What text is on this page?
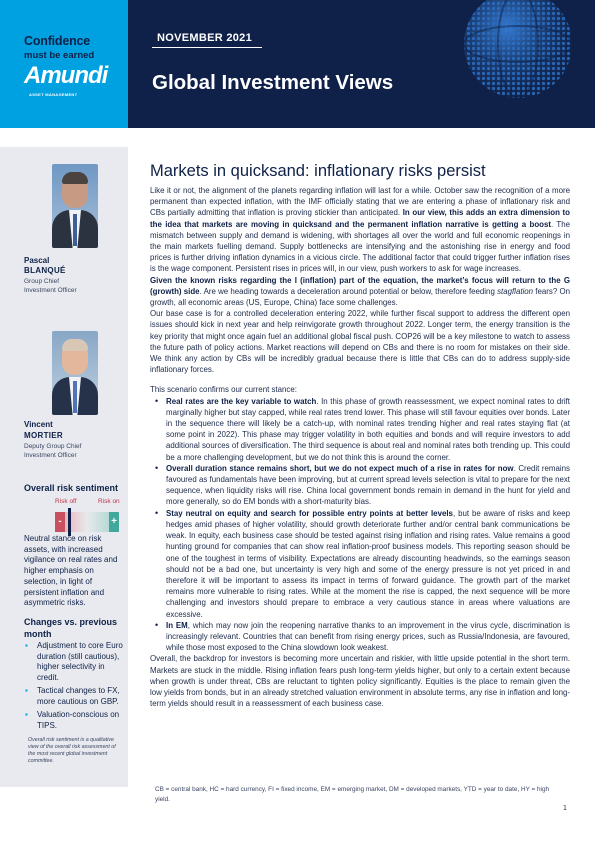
Confidence
must be earned
Amundi
ASSET MANAGEMENT
NOVEMBER 2021
Global Investment Views
Pascal
BLANQUÉ
Group Chief
Investment Officer
Vincent
MORTIER
Deputy Group Chief
Investment Officer
Overall risk sentiment
Risk off	Risk on
-	+
Neutral stance on risk assets, with increased vigilance on real rates and higher emphasis on selection, in light of persistent inflation and asymmetric risks.
Changes vs. previous month
▪ Adjustment to core Euro duration (still cautious), higher selectivity in credit.
▪ Tactical changes to FX, more cautious on GBP.
▪ Valuation-conscious on TIPS.
Overall risk sentiment is a qualitative view of the overall risk assessment of the most recent global investment committee.
Markets in quicksand: inflationary risks persist

Like it or not, the alignment of the planets regarding inflation will last for a while. October saw the recognition of a more permanent than expected inflation, with the IMF officially stating that we are entering a phase of inflationary risk and CBs partially admitting that inflation is proving stickier than anticipated. In our view, this adds an extra dimension to the idea that markets are moving in quicksand and the permanent inflation narrative is getting a boost. The mismatch between supply and demand is widening, with shortages all over the world and full economic reopenings in the main markets fuelling demand. Supply bottlenecks are intensifying and the astonishing rise in energy and food prices is further driving inflation dynamics in a vicious circle. The additional factor that could trigger further inflation rises is the wage component. Persistent rises in prices will, in our view, push workers to ask for wage increases.

Given the known risks regarding the I (inflation) part of the equation, the market’s focus will return to the G (growth) side. Are we heading towards a deceleration around potential or below, therefore feeding stagflation fears? On growth, all economic areas (US, Europe, China) face some challenges.

Our base case is for a controlled deceleration entering 2022, while further fiscal support to address the different open issues should kick in next year and help reinvigorate growth throughout 2022. Longer term, the energy transition is the key priority that might once again fuel an additional global fiscal push. COP26 will be a key milestone to watch to assess the future path of policy actions. Market reactions will depend on CBs and there is no room for mistakes on their side. We think any action by CBs will be incredibly gradual because there is little that CBs can do to address supply-side inflationary forces.

This scenario confirms our current stance:

• Real rates are the key variable to watch. In this phase of growth reassessment, we expect nominal rates to drift marginally higher but stay capped, while real rates trend lower. This phase will still favour equities over bonds. Later in the sequence there will likely be a catch-up, with nominal rates trending higher and real rates staying flat (at some point in 2022). This phase may trigger volatility in both equities and bonds and will require investors to add additional sources of diversification. The third sequence is about real and nominal rates both trending up. This could be a more challenging development, but we do not think this is around the corner.
• Overall duration stance remains short, but we do not expect much of a rise in rates for now. Credit remains favoured as fundamentals have been improving, but at current spread levels selection is vital to prepare for the next sequence, when liquidity risks will rise. China local government bonds remain in demand in the hunt for yield and more generally, so do EM bonds with a short-maturity bias.
• Stay neutral on equity and search for possible entry points at better levels, but be aware of risks and keep hedges amid phases of higher volatility, should growth deteriorate further and/or central bank communications be weak. In equity, each business case should be tested against rising inflation and rising rates. Value remains a good hunting ground for companies that can show real inflation-proof business models. This reporting season should be one of the toughest in terms of visibility. Expectations are already discounting headwinds, so the earnings season should not be a bad one, but uncertainty is very high and some of the energy pressure is not yet priced in and therefore it will be important to assess its impact in terms of forward guidance. The growth part of the market remains more vulnerable to rising rates. While at the moment the rise is capped, the next sequence will be more challenging and investors should prepare to embrace a very cautious stance in areas where valuations are excessive.
• In EM, which may now join the reopening narrative thanks to an improvement in the virus cycle, discrimination is increasingly relevant. Countries that can benefit from rising energy prices, such as Russia/Indonesia, are favoured, while those most exposed to the China slowdown look weakest.

Overall, the backdrop for investors is becoming more uncertain and riskier, with little upside potential in the short term. Markets are stuck in the middle. Rising inflation fears push long-term yields higher, but only to a certain extent because when growth is under threat, CBs are reluctant to tighten policy significantly. Equities is the place to remain given the low yields from bonds, but in an already stretched valuation environment in absolute terms, any rise in inflation and long-term yields should result in a reassessment of each business case.

CB = central bank, HC = hard currency, FI = fixed income, EM = emerging market, DM = developed markets, YTD = year to date, HY = high yield.
1
